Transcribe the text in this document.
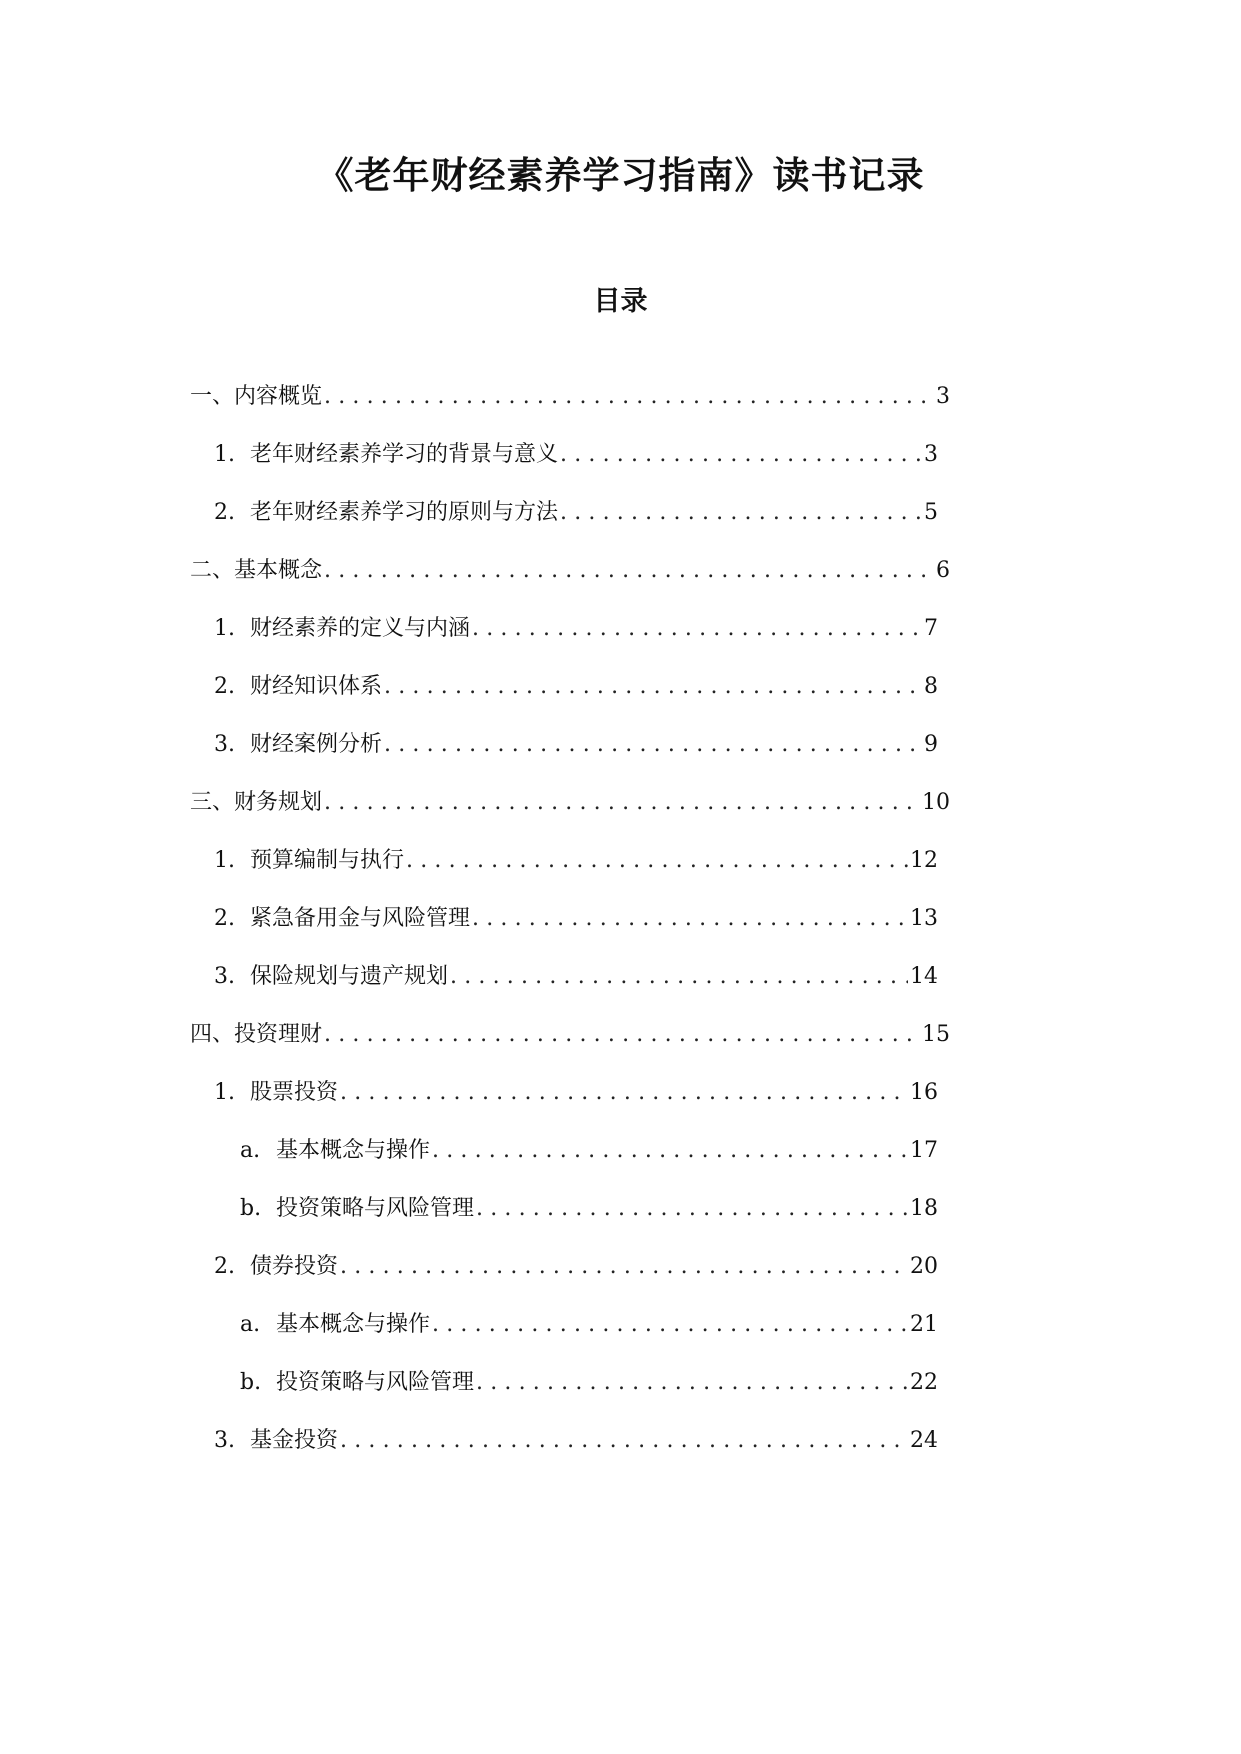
《老年财经素养学习指南》读书记录
目录
一、内容概览 .....	3
1. 老年财经素养学习的背景与意义 .....	3
2. 老年财经素养学习的原则与方法 .....	5
二、基本概念 .....	6
1. 财经素养的定义与内涵 .....	7
2. 财经知识体系 .....	8
3. 财经案例分析 .....	9
三、财务规划 .....	10
1. 预算编制与执行 .....	12
2. 紧急备用金与风险管理 .....	13
3. 保险规划与遗产规划 .....	14
四、投资理财 .....	15
1. 股票投资 .....	16
a. 基本概念与操作 .....	17
b. 投资策略与风险管理 .....	18
2. 债券投资 .....	20
a. 基本概念与操作 .....	21
b. 投资策略与风险管理 .....	22
3. 基金投资 .....	24
